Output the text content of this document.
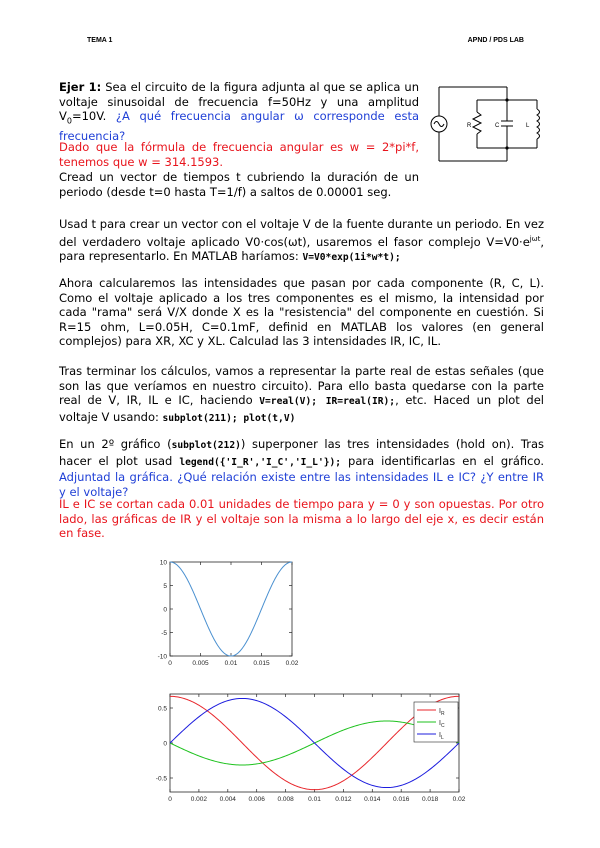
TEMA 1	APND / PDS LAB
Ejer 1: Sea el circuito de la figura adjunta al que se aplica un voltaje sinusoidal de frecuencia f=50Hz y una amplitud $V_0=10V$. ¿A qué frecuencia angular ω corresponde esta frecuencia?
Dado que la fórmula de frecuencia angular es w = 2*pi*f, tenemos que w = 314.1593.
Cread un vector de tiempos t cubriendo la duración de un periodo (desde t=0 hasta T=1/f) a saltos de 0.00001 seg.
R	C	L
Usad t para crear un vector con el voltaje V de la fuente durante un periodo. En vez del verdadero voltaje aplicado V0·cos(ωt), usaremos el fasor complejo $V=V0\cdot e^{j\omega t}$, para representarlo. En MATLAB haríamos: V=V0*exp(1i*w*t);
Ahora calcularemos las intensidades que pasan por cada componente (R, C, L). Como el voltaje aplicado a los tres componentes es el mismo, la intensidad por cada "rama" será V/X donde X es la "resistencia" del componente en cuestión. Si R=15 ohm, L=0.05H, C=0.1mF, definid en MATLAB los valores (en general complejos) para XR, XC y XL. Calculad las 3 intensidades IR, IC, IL.
Tras terminar los cálculos, vamos a representar la parte real de estas señales (que son las que veríamos en nuestro circuito). Para ello basta quedarse con la parte real de V, IR, IL e IC, haciendo V=real(V); IR=real(IR);, etc. Haced un plot del voltaje V usando: subplot(211); plot(t,V)
En un 2º gráfico (subplot(212)) superponer las tres intensidades (hold on). Tras hacer el plot usad legend({'I_R','I_C','I_L'}); para identificarlas en el gráfico. Adjuntad la gráfica. ¿Qué relación existe entre las intensidades IL e IC? ¿Y entre IR y el voltaje?
IL e IC se cortan cada 0.01 unidades de tiempo para y = 0 y son opuestas. Por otro lado, las gráficas de IR y el voltaje son la misma a lo largo del eje x, es decir están en fase.
0	0.005 0.01 0.015 0.02
10
5
0
-5
-10
0	0.002 0.004 0.006 0.008 0.01 0.012 0.014 0.016 0.018 0.02
0.5
0
-0.5
$I_R$
$I_C$
$I_L$
